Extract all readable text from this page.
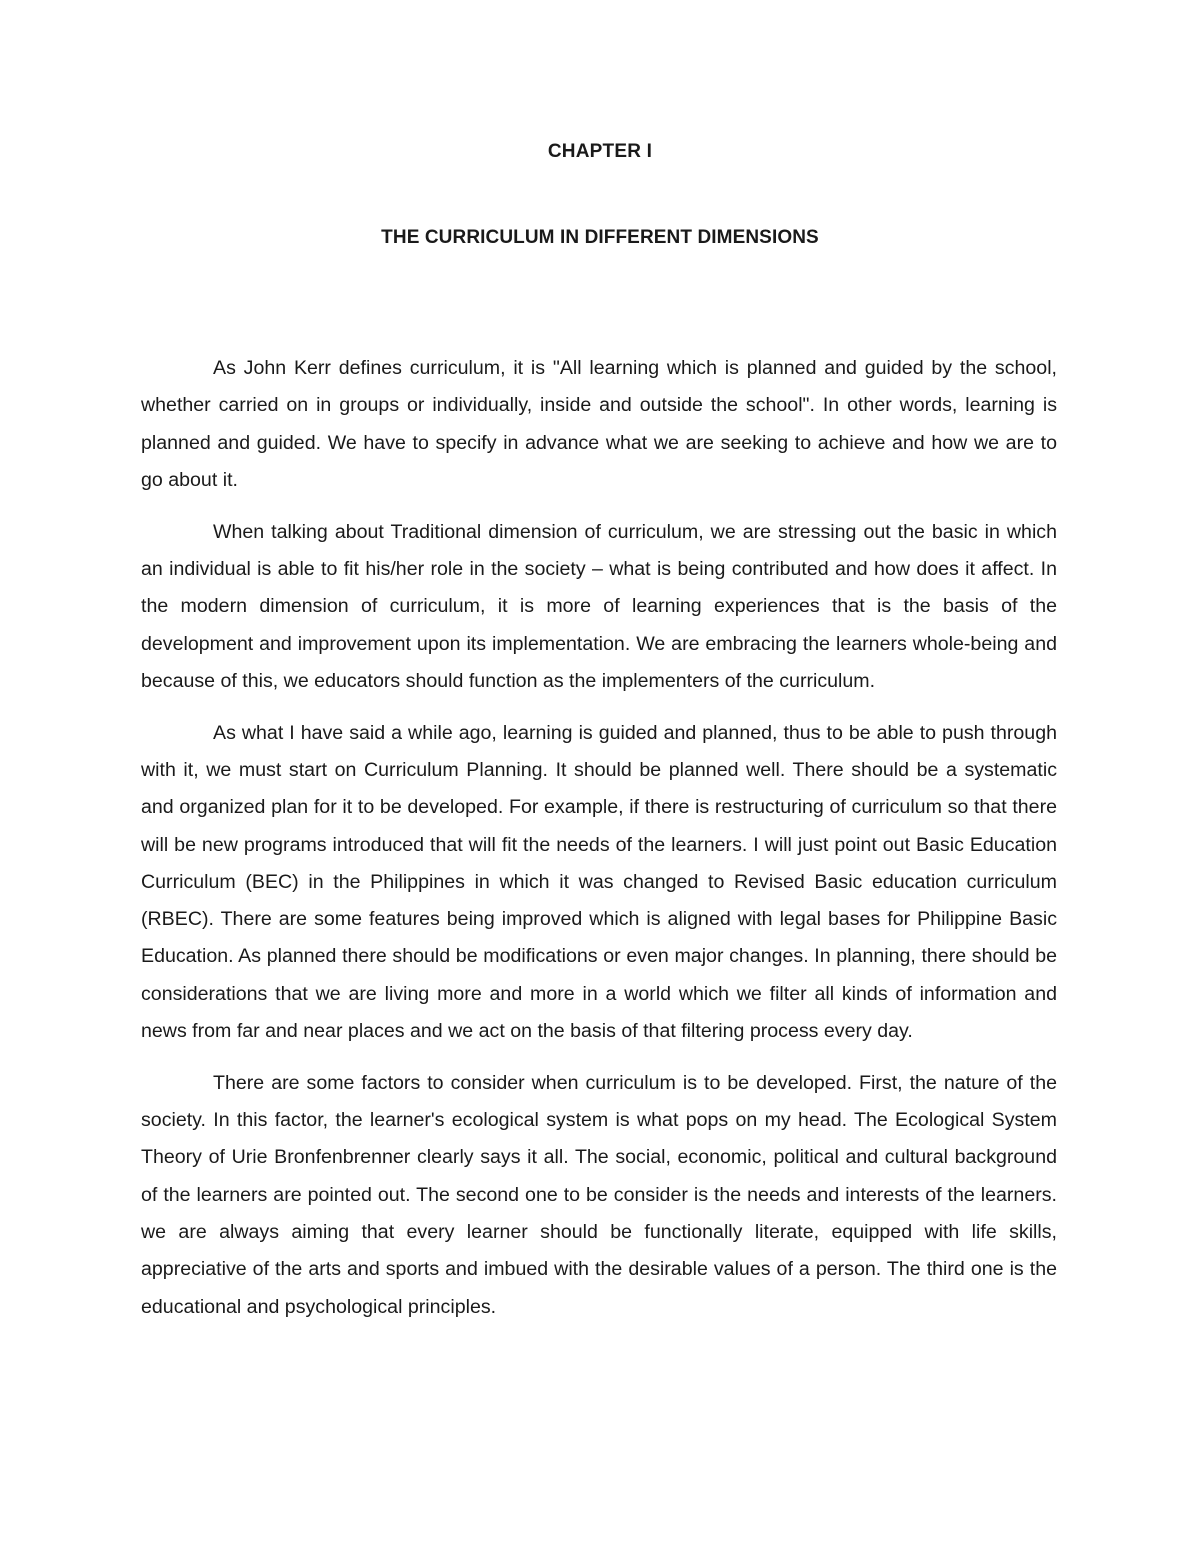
CHAPTER I
THE CURRICULUM IN DIFFERENT DIMENSIONS

As John Kerr defines curriculum, it is "All learning which is planned and guided by the school, whether carried on in groups or individually, inside and outside the school". In other words, learning is planned and guided. We have to specify in advance what we are seeking to achieve and how we are to go about it.

When talking about Traditional dimension of curriculum, we are stressing out the basic in which an individual is able to fit his/her role in the society – what is being contributed and how does it affect. In the modern dimension of curriculum, it is more of learning experiences that is the basis of the development and improvement upon its implementation. We are embracing the learners whole-being and because of this, we educators should function as the implementers of the curriculum.

As what I have said a while ago, learning is guided and planned, thus to be able to push through with it, we must start on Curriculum Planning. It should be planned well. There should be a systematic and organized plan for it to be developed. For example, if there is restructuring of curriculum so that there will be new programs introduced that will fit the needs of the learners. I will just point out Basic Education Curriculum (BEC) in the Philippines in which it was changed to Revised Basic education curriculum (RBEC). There are some features being improved which is aligned with legal bases for Philippine Basic Education. As planned there should be modifications or even major changes. In planning, there should be considerations that we are living more and more in a world which we filter all kinds of information and news from far and near places and we act on the basis of that filtering process every day.

There are some factors to consider when curriculum is to be developed. First, the nature of the society. In this factor, the learner's ecological system is what pops on my head. The Ecological System Theory of Urie Bronfenbrenner clearly says it all. The social, economic, political and cultural background of the learners are pointed out. The second one to be consider is the needs and interests of the learners. we are always aiming that every learner should be functionally literate, equipped with life skills, appreciative of the arts and sports and imbued with the desirable values of a person. The third one is the educational and psychological principles.
